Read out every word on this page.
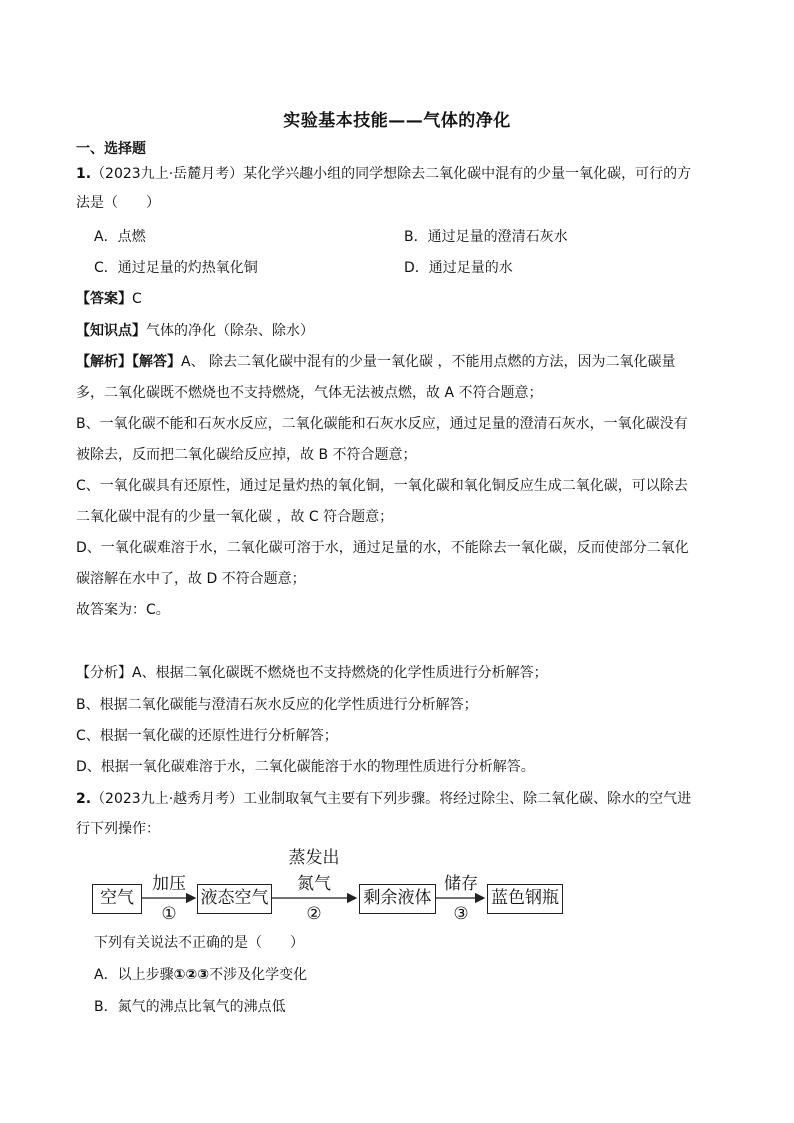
实验基本技能——气体的净化
一、选择题
1.（2023九上·岳麓月考）某化学兴趣小组的同学想除去二氧化碳中混有的少量一氧化碳，可行的方
法是（　　）
A．点燃	B．通过足量的澄清石灰水
C．通过足量的灼热氧化铜	D．通过足量的水
【答案】C
【知识点】气体的净化（除杂、除水）
【解析】【解答】A、 除去二氧化碳中混有的少量一氧化碳 ，不能用点燃的方法，因为二氧化碳量
多，二氧化碳既不燃烧也不支持燃烧，气体无法被点燃，故 A 不符合题意；
B、一氧化碳不能和石灰水反应，二氧化碳能和石灰水反应，通过足量的澄清石灰水，一氧化碳没有
被除去，反而把二氧化碳给反应掉，故 B 不符合题意；
C、一氧化碳具有还原性，通过足量灼热的氧化铜，一氧化碳和氧化铜反应生成二氧化碳，可以除去
二氧化碳中混有的少量一氧化碳 ，故 C 符合题意；
D、一氧化碳难溶于水，二氧化碳可溶于水，通过足量的水，不能除去一氧化碳，反而使部分二氧化
碳溶解在水中了，故 D 不符合题意；
故答案为：C。
【分析】A、根据二氧化碳既不燃烧也不支持燃烧的化学性质进行分析解答；
B、根据二氧化碳能与澄清石灰水反应的化学性质进行分析解答；
C、根据一氧化碳的还原性进行分析解答；
D、根据一氧化碳难溶于水，二氧化碳能溶于水的物理性质进行分析解答。
2.（2023九上·越秀月考）工业制取氧气主要有下列步骤。将经过除尘、除二氧化碳、除水的空气进
行下列操作：
空气	液态空气	剩余液体	蓝色钢瓶
加压
①
蒸发出
氮气
②
储存
③
下列有关说法不正确的是（　　）
A．以上步骤①②③不涉及化学变化
B．氮气的沸点比氧气的沸点低
